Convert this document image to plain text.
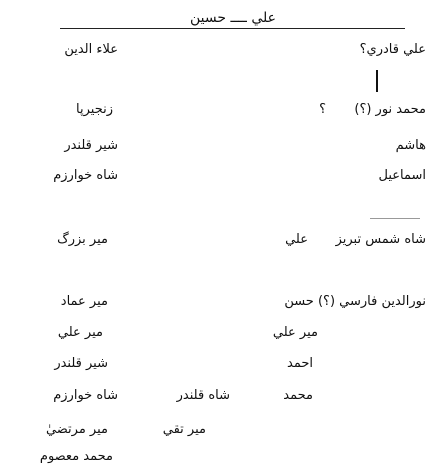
علي ــــ حسين
علي قادري؟
علاء الدين
محمد نور (؟)
؟
زنجيرپا
هاشم
شير قلندر
اسماعيل
شاه خوارزم
شاه شمس تبريز
علي
مير بزرگ
نورالدين فارسي (؟) حسن
مير عماد
مير علي
مير علي
احمد
شير قلندر
محمد
شاه قلندر
شاه خوارزم
مير تقي
مير مرتضيٰ
محمد معصوم
